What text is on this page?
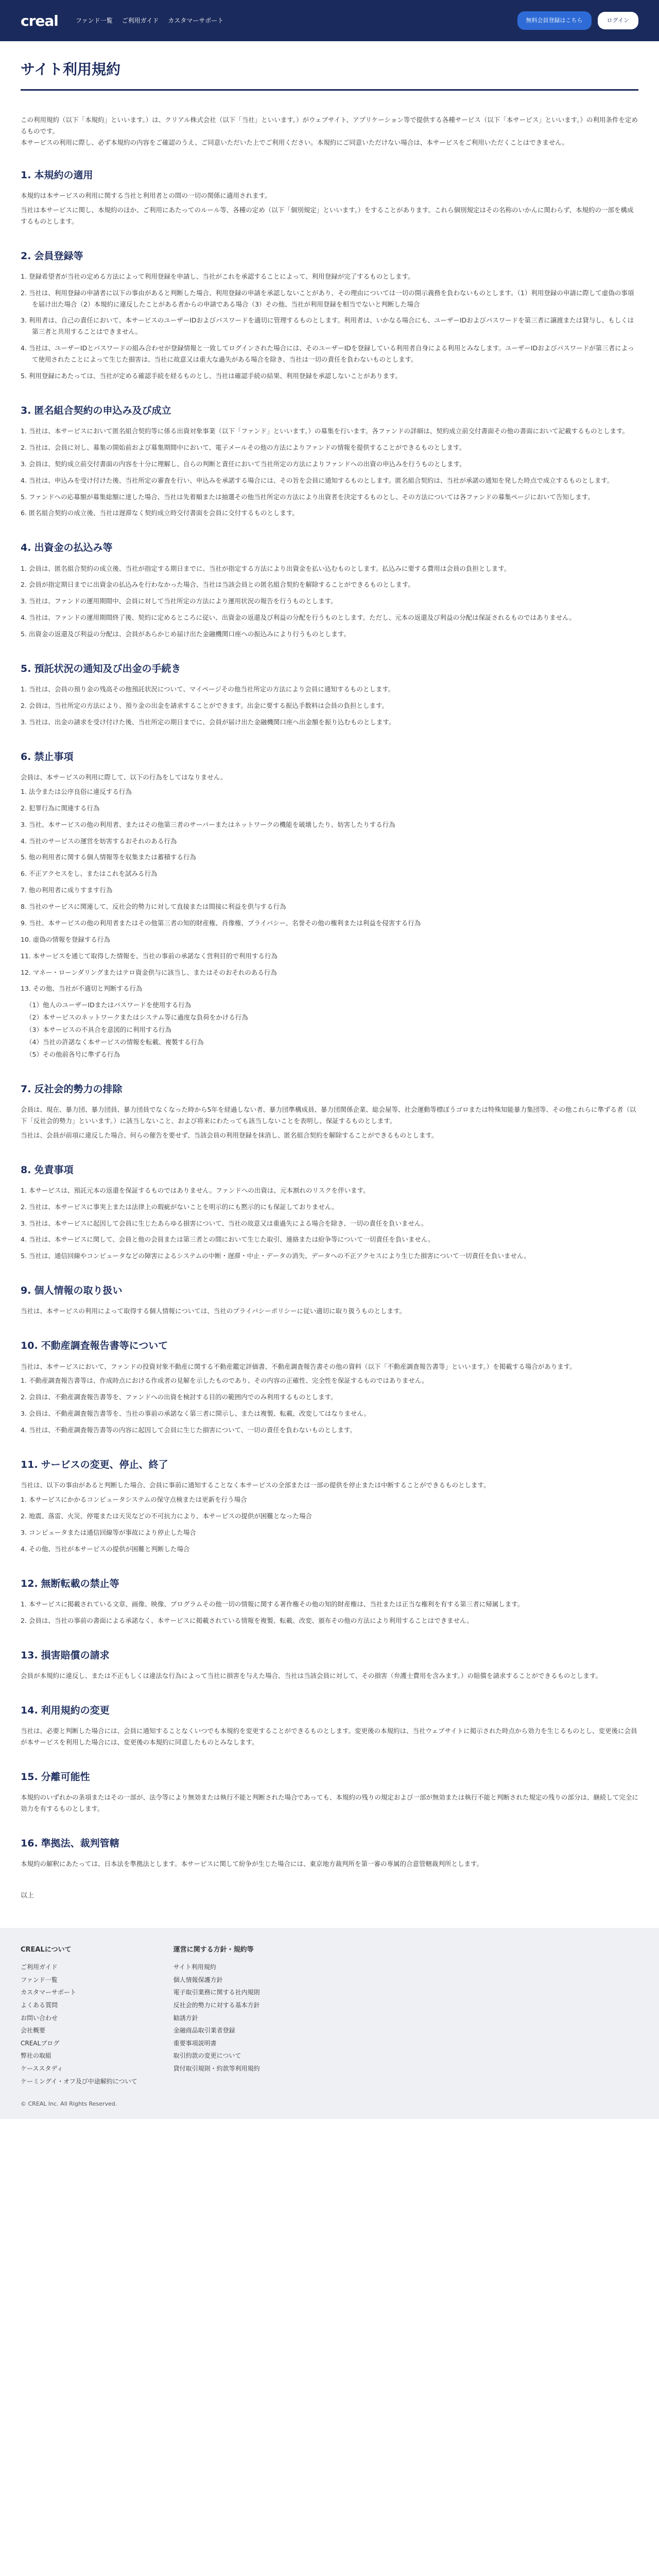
creal	ファンド一覧 ご利用ガイド カスタマーサポート	無料会員登録はこちら	ログイン
サイト利用規約

この利用規約（以下「本規約」といいます。）は、クリアル株式会社（以下「当社」といいます。）がウェブサイト、アプリケーション等で提供する各種サービス（以下「本サービス」といいます。）の利用条件を定めるものです。

本サービスの利用に際し、必ず本規約の内容をご確認のうえ、ご同意いただいた上でご利用ください。本規約にご同意いただけない場合は、本サービスをご利用いただくことはできません。

1. 本規約の適用

本規約は本サービスの利用に関する当社と利用者との間の一切の関係に適用されます。

当社は本サービスに関し、本規約のほか、ご利用にあたってのルール等、各種の定め（以下「個別規定」といいます。）をすることがあります。これら個別規定はその名称のいかんに関わらず、本規約の一部を構成するものとします。

2. 会員登録等
1. 登録希望者が当社の定める方法によって利用登録を申請し、当社がこれを承認することによって、利用登録が完了するものとします。
2. 当社は、利用登録の申請者に以下の事由があると判断した場合、利用登録の申請を承認しないことがあり、その理由については一切の開示義務を負わないものとします。（1）利用登録の申請に際して虚偽の事項を届け出た場合（2）本規約に違反したことがある者からの申請である場合（3）その他、当社が利用登録を相当でないと判断した場合
3. 利用者は、自己の責任において、本サービスのユーザーIDおよびパスワードを適切に管理するものとします。利用者は、いかなる場合にも、ユーザーIDおよびパスワードを第三者に譲渡または貸与し、もしくは第三者と共用することはできません。
4. 当社は、ユーザーIDとパスワードの組み合わせが登録情報と一致してログインされた場合には、そのユーザーIDを登録している利用者自身による利用とみなします。ユーザーIDおよびパスワードが第三者によって使用されたことによって生じた損害は、当社に故意又は重大な過失がある場合を除き、当社は一切の責任を負わないものとします。
5. 利用登録にあたっては、当社が定める確認手続を経るものとし、当社は確認手続の結果、利用登録を承認しないことがあります。
3. 匿名組合契約の申込み及び成立
1. 当社は、本サービスにおいて匿名組合契約等に係る出資対象事業（以下「ファンド」といいます。）の募集を行います。各ファンドの詳細は、契約成立前交付書面その他の書面において記載するものとします。
2. 当社は、会員に対し、募集の開始前および募集期間中において、電子メールその他の方法によりファンドの情報を提供することができるものとします。
3. 会員は、契約成立前交付書面の内容を十分に理解し、自らの判断と責任において当社所定の方法によりファンドへの出資の申込みを行うものとします。
4. 当社は、申込みを受け付けた後、当社所定の審査を行い、申込みを承諾する場合には、その旨を会員に通知するものとします。匿名組合契約は、当社が承諾の通知を発した時点で成立するものとします。
5. ファンドへの応募額が募集総額に達した場合、当社は先着順または抽選その他当社所定の方法により出資者を決定するものとし、その方法については各ファンドの募集ページにおいて告知します。
6. 匿名組合契約の成立後、当社は遅滞なく契約成立時交付書面を会員に交付するものとします。
4. 出資金の払込み等
1. 会員は、匿名組合契約の成立後、当社が指定する期日までに、当社が指定する方法により出資金を払い込むものとします。払込みに要する費用は会員の負担とします。
2. 会員が指定期日までに出資金の払込みを行わなかった場合、当社は当該会員との匿名組合契約を解除することができるものとします。
3. 当社は、ファンドの運用期間中、会員に対して当社所定の方法により運用状況の報告を行うものとします。
4. 当社は、ファンドの運用期間終了後、契約に定めるところに従い、出資金の返還及び利益の分配を行うものとします。ただし、元本の返還及び利益の分配は保証されるものではありません。
5. 出資金の返還及び利益の分配は、会員があらかじめ届け出た金融機関口座への振込みにより行うものとします。
5. 預託状況の通知及び出金の手続き
1. 当社は、会員の預り金の残高その他預託状況について、マイページその他当社所定の方法により会員に通知するものとします。
2. 会員は、当社所定の方法により、預り金の出金を請求することができます。出金に要する振込手数料は会員の負担とします。
3. 当社は、出金の請求を受け付けた後、当社所定の期日までに、会員が届け出た金融機関口座へ出金額を振り込むものとします。
6. 禁止事項

会員は、本サービスの利用に際して、以下の行為をしてはなりません。

1. 法令または公序良俗に違反する行為
2. 犯罪行為に関連する行為
3. 当社、本サービスの他の利用者、またはその他第三者のサーバーまたはネットワークの機能を破壊したり、妨害したりする行為
4. 当社のサービスの運営を妨害するおそれのある行為
5. 他の利用者に関する個人情報等を収集または蓄積する行為
6. 不正アクセスをし、またはこれを試みる行為
7. 他の利用者に成りすます行為
8. 当社のサービスに関連して、反社会的勢力に対して直接または間接に利益を供与する行為
9. 当社、本サービスの他の利用者またはその他第三者の知的財産権、肖像権、プライバシー、名誉その他の権利または利益を侵害する行為
10. 虚偽の情報を登録する行為
11. 本サービスを通じて取得した情報を、当社の事前の承諾なく営利目的で利用する行為
12. マネー・ローンダリングまたはテロ資金供与に該当し、またはそのおそれのある行為
13. その他、当社が不適切と判断する行為
（1）他人のユーザーIDまたはパスワードを使用する行為
（2）本サービスのネットワークまたはシステム等に過度な負荷をかける行為
（3）本サービスの不具合を意図的に利用する行為
（4）当社の許諾なく本サービスの情報を転載、複製する行為
（5）その他前各号に準ずる行為
7. 反社会的勢力の排除

会員は、現在、暴力団、暴力団員、暴力団員でなくなった時から5年を経過しない者、暴力団準構成員、暴力団関係企業、総会屋等、社会運動等標ぼうゴロまたは特殊知能暴力集団等、その他これらに準ずる者（以下「反社会的勢力」といいます。）に該当しないこと、および将来にわたっても該当しないことを表明し、保証するものとします。

当社は、会員が前項に違反した場合、何らの催告を要せず、当該会員の利用登録を抹消し、匿名組合契約を解除することができるものとします。

8. 免責事項
1. 本サービスは、預託元本の返還を保証するものではありません。ファンドへの出資は、元本割れのリスクを伴います。
2. 当社は、本サービスに事実上または法律上の瑕疵がないことを明示的にも黙示的にも保証しておりません。
3. 当社は、本サービスに起因して会員に生じたあらゆる損害について、当社の故意又は重過失による場合を除き、一切の責任を負いません。
4. 当社は、本サービスに関して、会員と他の会員または第三者との間において生じた取引、連絡または紛争等について一切責任を負いません。
5. 当社は、通信回線やコンピュータなどの障害によるシステムの中断・遅滞・中止・データの消失、データへの不正アクセスにより生じた損害について一切責任を負いません。
9. 個人情報の取り扱い

当社は、本サービスの利用によって取得する個人情報については、当社のプライバシーポリシーに従い適切に取り扱うものとします。

10. 不動産調査報告書等について

当社は、本サービスにおいて、ファンドの投資対象不動産に関する不動産鑑定評価書、不動産調査報告書その他の資料（以下「不動産調査報告書等」といいます。）を掲載する場合があります。

1. 不動産調査報告書等は、作成時点における作成者の見解を示したものであり、その内容の正確性、完全性を保証するものではありません。
2. 会員は、不動産調査報告書等を、ファンドへの出資を検討する目的の範囲内でのみ利用するものとします。
3. 会員は、不動産調査報告書等を、当社の事前の承諾なく第三者に開示し、または複製、転載、改変してはなりません。
4. 当社は、不動産調査報告書等の内容に起因して会員に生じた損害について、一切の責任を負わないものとします。
11. サービスの変更、停止、終了

当社は、以下の事由があると判断した場合、会員に事前に通知することなく本サービスの全部または一部の提供を停止または中断することができるものとします。

1. 本サービスにかかるコンピュータシステムの保守点検または更新を行う場合
2. 地震、落雷、火災、停電または天災などの不可抗力により、本サービスの提供が困難となった場合
3. コンピュータまたは通信回線等が事故により停止した場合
4. その他、当社が本サービスの提供が困難と判断した場合
12. 無断転載の禁止等
1. 本サービスに掲載されている文章、画像、映像、プログラムその他一切の情報に関する著作権その他の知的財産権は、当社または正当な権利を有する第三者に帰属します。
2. 会員は、当社の事前の書面による承諾なく、本サービスに掲載されている情報を複製、転載、改変、頒布その他の方法により利用することはできません。
13. 損害賠償の請求

会員が本規約に違反し、または不正もしくは違法な行為によって当社に損害を与えた場合、当社は当該会員に対して、その損害（弁護士費用を含みます。）の賠償を請求することができるものとします。

14. 利用規約の変更

当社は、必要と判断した場合には、会員に通知することなくいつでも本規約を変更することができるものとします。変更後の本規約は、当社ウェブサイトに掲示された時点から効力を生じるものとし、変更後に会員が本サービスを利用した場合には、変更後の本規約に同意したものとみなします。

15. 分離可能性

本規約のいずれかの条項またはその一部が、法令等により無効または執行不能と判断された場合であっても、本規約の残りの規定および一部が無効または執行不能と判断された規定の残りの部分は、継続して完全に効力を有するものとします。

16. 準拠法、裁判管轄

本規約の解釈にあたっては、日本法を準拠法とします。本サービスに関して紛争が生じた場合には、東京地方裁判所を第一審の専属的合意管轄裁判所とします。

以上

CREALについて
ご利用ガイド
ファンド一覧
カスタマーサポート
よくある質問
お問い合わせ
会社概要
CREALブログ
弊社の取組
ケーススタディ
ケーミングイ・オフ及び中途解約について
運営に関する方針・規約等
サイト利用規約
個人情報保護方針
電子取引業務に関する社内規則
反社会的勢力に対する基本方針
勧誘方針
金融商品取引業者登録
重要事項説明書
取引約款の変更について
貸付取引規則・約款等利用規約
© CREAL Inc. All Rights Reserved.
